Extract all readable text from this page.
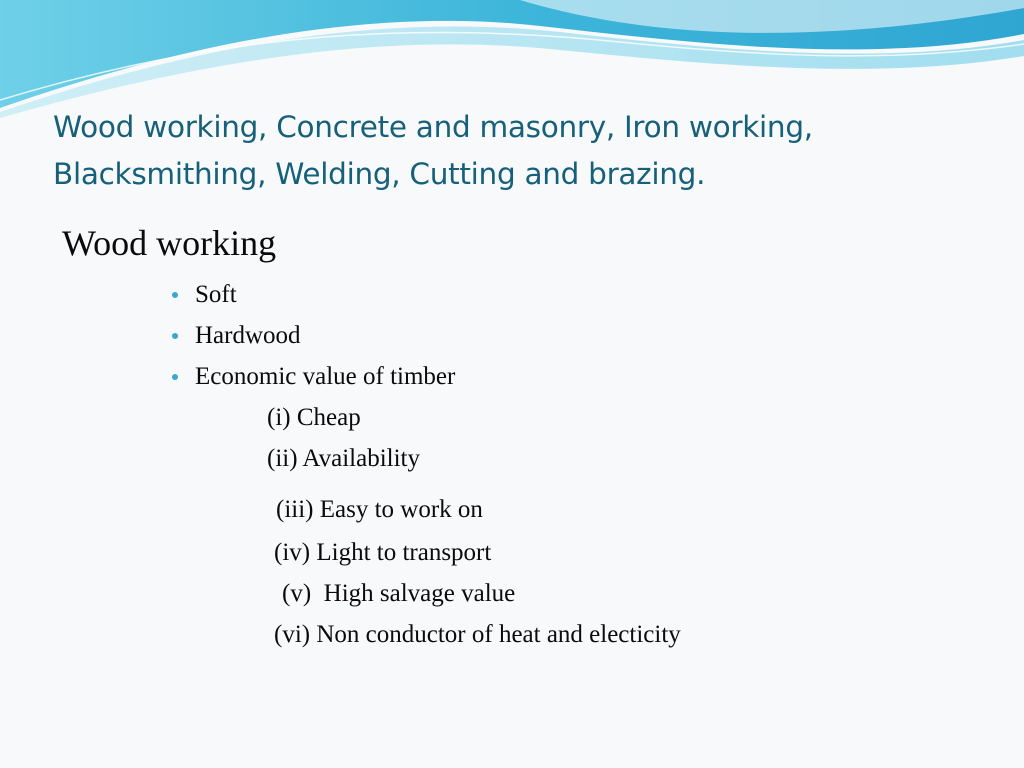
Wood working, Concrete and masonry, Iron working,
Blacksmithing, Welding, Cutting and brazing.
Wood working
Soft
Hardwood
Economic value of timber
(i) Cheap
(ii) Availability
(iii) Easy to work on
(iv) Light to transport
(v)  High salvage value
(vi) Non conductor of heat and electicity
